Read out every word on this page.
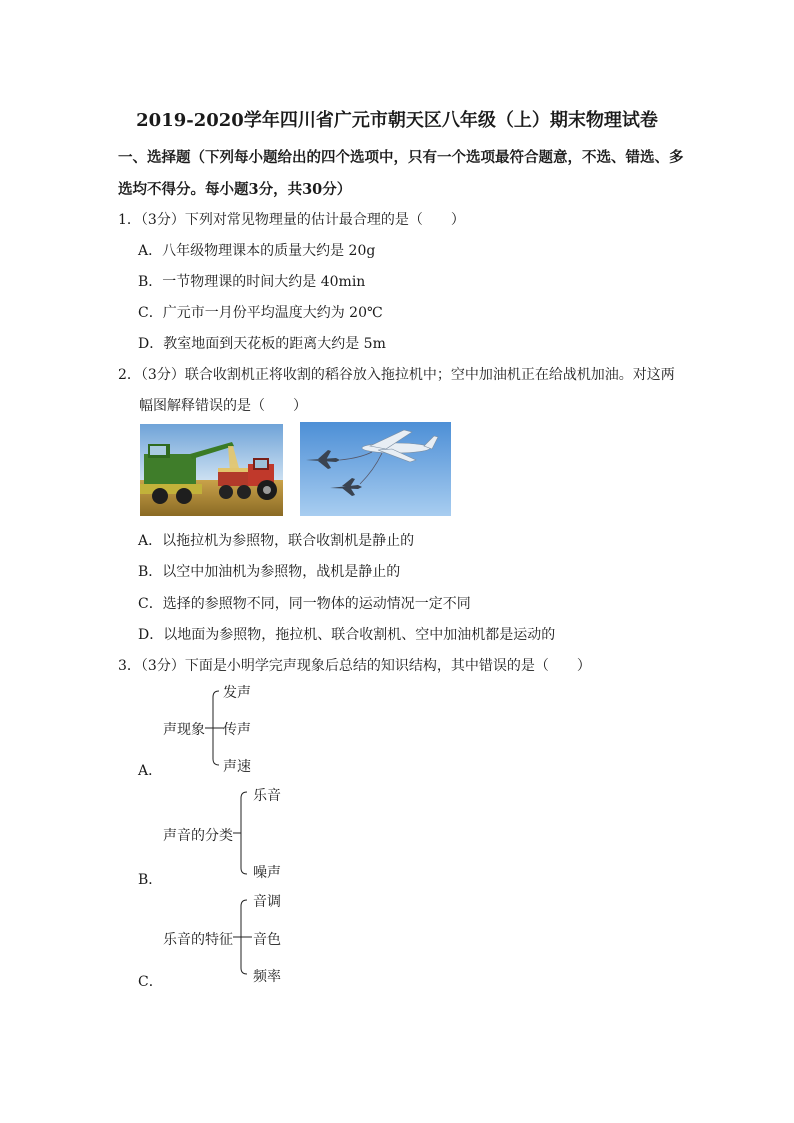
2019-2020学年四川省广元市朝天区八年级（上）期末物理试卷
一、选择题（下列每小题给出的四个选项中，只有一个选项最符合题意，不选、错选、多
选均不得分。每小题3分，共30分）
1．（3分）下列对常见物理量的估计最合理的是（　　）
A．八年级物理课本的质量大约是 20g
B．一节物理课的时间大约是 40min
C．广元市一月份平均温度大约为 20℃
D．教室地面到天花板的距离大约是 5m
2．（3分）联合收割机正将收割的稻谷放入拖拉机中；空中加油机正在给战机加油。对这两
幅图解释错误的是（　　）
A．以拖拉机为参照物，联合收割机是静止的
B．以空中加油机为参照物，战机是静止的
C．选择的参照物不同，同一物体的运动情况一定不同
D．以地面为参照物，拖拉机、联合收割机、空中加油机都是运动的
3．（3分）下面是小明学完声现象后总结的知识结构，其中错误的是（　　）
A．
声现象
发声
传声
声速
B．
声音的分类
乐音
噪声
C．
乐音的特征
音调
音色
频率
